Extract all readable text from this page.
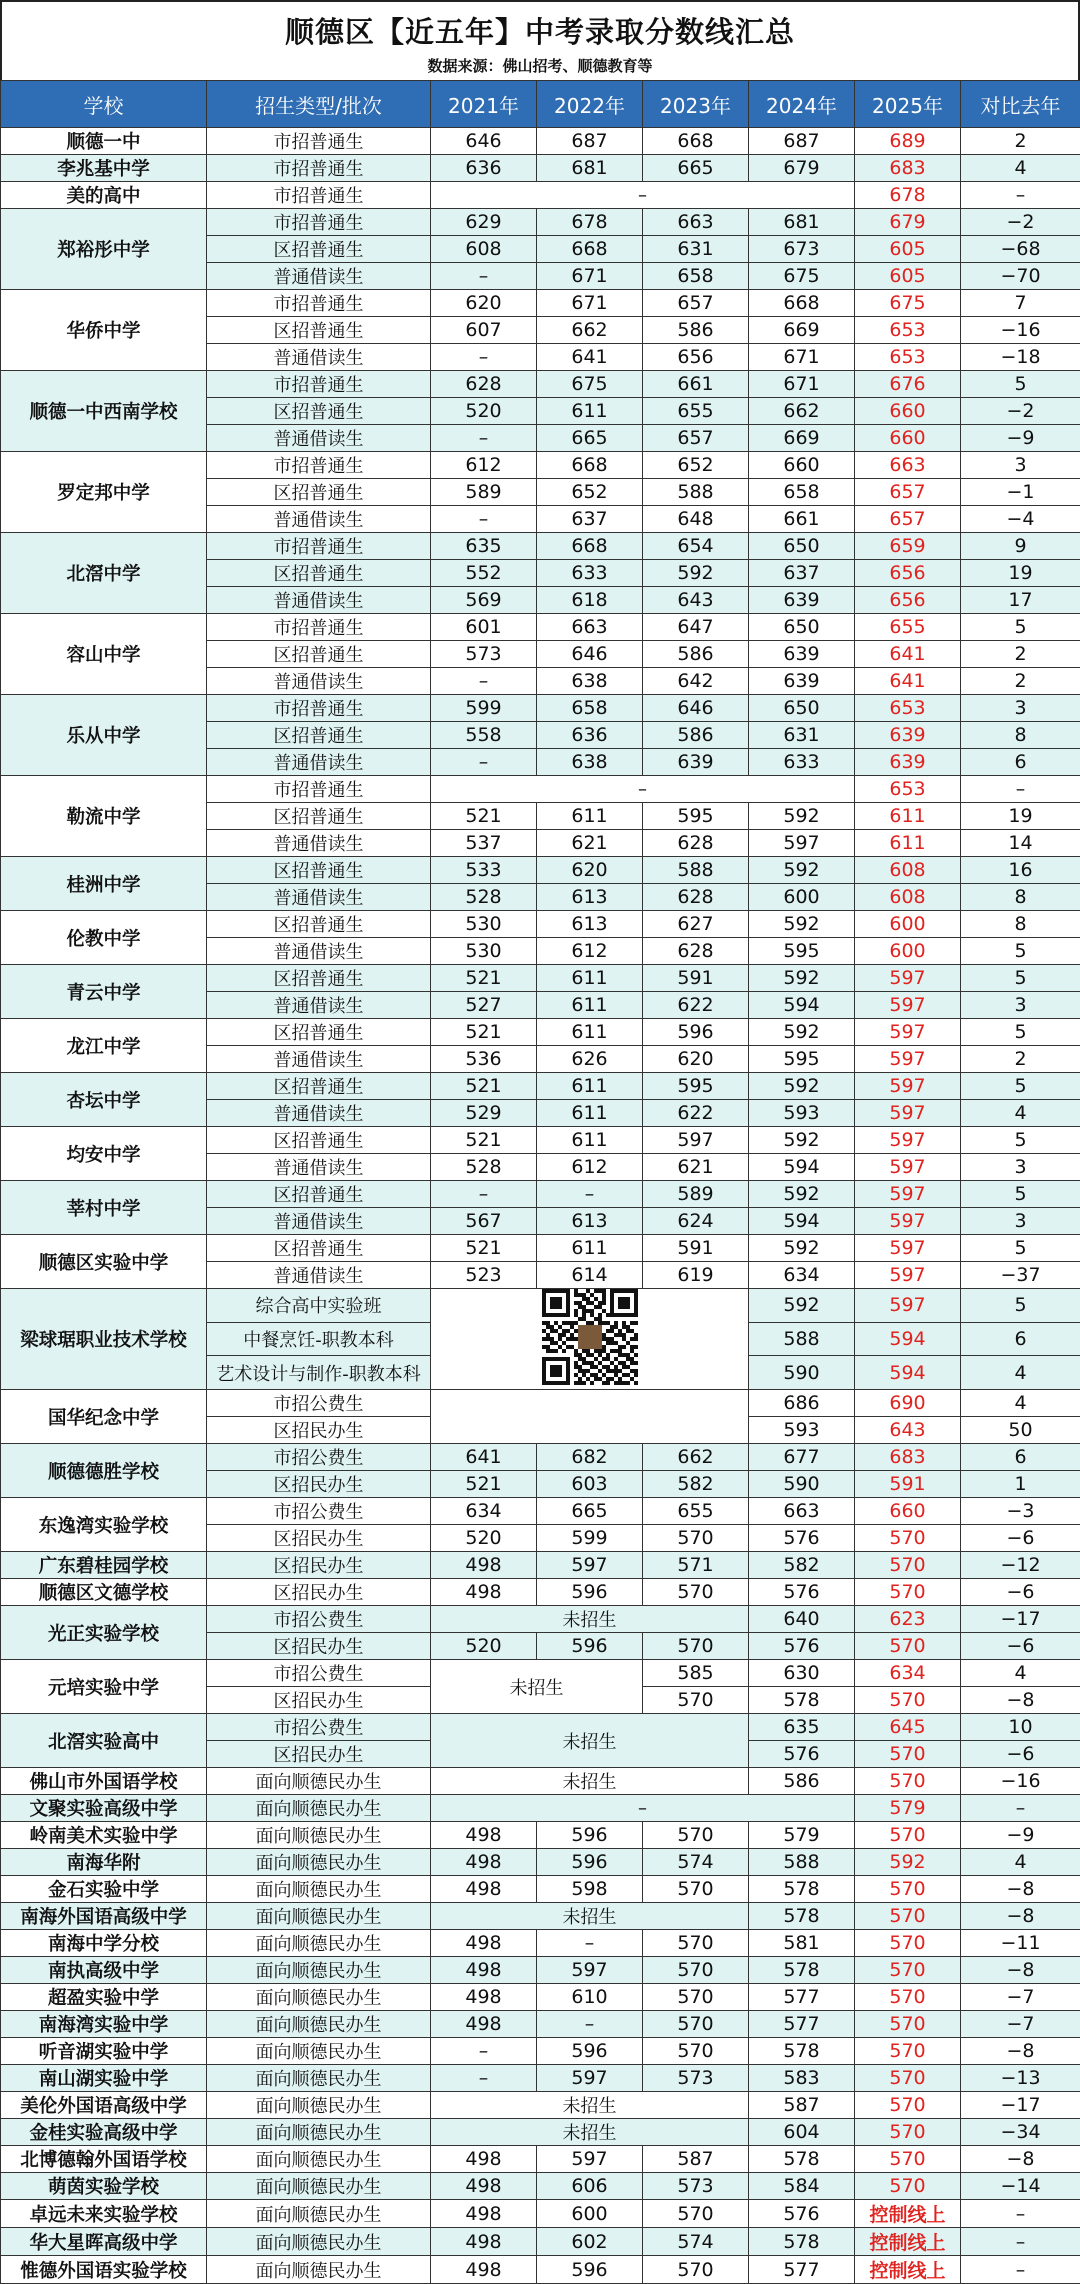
顺德区【近五年】中考录取分数线汇总
数据来源：佛山招考、顺德教育等
学校	招生类型/批次	2021年	2022年	2023年	2024年	2025年	对比去年
顺德一中	市招普通生	646	687	668	687	689	2
李兆基中学	市招普通生	636	681	665	679	683	4
美的高中	市招普通生	–				678	–
郑裕彤中学	市招普通生	629	678	663	681	679	−2
	区招普通生	608	668	631	673	605	−68
	普通借读生	–	671	658	675	605	−70
华侨中学	市招普通生	620	671	657	668	675	7
	区招普通生	607	662	586	669	653	−16
	普通借读生	–	641	656	671	653	−18
顺德一中西南学校	市招普通生	628	675	661	671	676	5
	区招普通生	520	611	655	662	660	−2
	普通借读生	–	665	657	669	660	−9
罗定邦中学	市招普通生	612	668	652	660	663	3
	区招普通生	589	652	588	658	657	−1
	普通借读生	–	637	648	661	657	−4
北滘中学	市招普通生	635	668	654	650	659	9
	区招普通生	552	633	592	637	656	19
	普通借读生	569	618	643	639	656	17
容山中学	市招普通生	601	663	647	650	655	5
	区招普通生	573	646	586	639	641	2
	普通借读生	–	638	642	639	641	2
乐从中学	市招普通生	599	658	646	650	653	3
	区招普通生	558	636	586	631	639	8
	普通借读生	–	638	639	633	639	6
勒流中学	市招普通生	–				653	–
	区招普通生	521	611	595	592	611	19
	普通借读生	537	621	628	597	611	14
桂洲中学	区招普通生	533	620	588	592	608	16
	普通借读生	528	613	628	600	608	8
伦教中学	区招普通生	530	613	627	592	600	8
	普通借读生	530	612	628	595	600	5
青云中学	区招普通生	521	611	591	592	597	5
	普通借读生	527	611	622	594	597	3
龙江中学	区招普通生	521	611	596	592	597	5
	普通借读生	536	626	620	595	597	2
杏坛中学	区招普通生	521	611	595	592	597	5
	普通借读生	529	611	622	593	597	4
均安中学	区招普通生	521	611	597	592	597	5
	普通借读生	528	612	621	594	597	3
莘村中学	区招普通生	–	–	589	592	597	5
	普通借读生	567	613	624	594	597	3
顺德区实验中学	区招普通生	521	611	591	592	597	5
	普通借读生	523	614	619	634	597	−37
梁球琚职业技术学校	综合高中实验班				592	597	5
	中餐烹饪-职教本科				588	594	6
	艺术设计与制作-职教本科				590	594	4
国华纪念中学	市招公费生				686	690	4
	区招民办生				593	643	50
顺德德胜学校	市招公费生	641	682	662	677	683	6
	区招民办生	521	603	582	590	591	1
东逸湾实验学校	市招公费生	634	665	655	663	660	−3
	区招民办生	520	599	570	576	570	−6
广东碧桂园学校	区招民办生	498	597	571	582	570	−12
顺德区文德学校	区招民办生	498	596	570	576	570	−6
光正实验学校	市招公费生	未招生			640	623	−17
	区招民办生	520	596	570	576	570	−6
元培实验中学	市招公费生	未招生		585	630	634	4
	区招民办生			570	578	570	−8
北滘实验高中	市招公费生	未招生			635	645	10
	区招民办生				576	570	−6
佛山市外国语学校	面向顺德民办生	未招生			586	570	−16
文聚实验高级中学	面向顺德民办生	–				579	–
岭南美术实验中学	面向顺德民办生	498	596	570	579	570	−9
南海华附	面向顺德民办生	498	596	574	588	592	4
金石实验中学	面向顺德民办生	498	598	570	578	570	−8
南海外国语高级中学	面向顺德民办生	未招生			578	570	−8
南海中学分校	面向顺德民办生	498	–	570	581	570	−11
南执高级中学	面向顺德民办生	498	597	570	578	570	−8
超盈实验中学	面向顺德民办生	498	610	570	577	570	−7
南海湾实验中学	面向顺德民办生	498	–	570	577	570	−7
听音湖实验中学	面向顺德民办生	–	596	570	578	570	−8
南山湖实验中学	面向顺德民办生	–	597	573	583	570	−13
美伦外国语高级中学	面向顺德民办生	未招生			587	570	−17
金桂实验高级中学	面向顺德民办生	未招生			604	570	−34
北博德翰外国语学校	面向顺德民办生	498	597	587	578	570	−8
萌茵实验学校	面向顺德民办生	498	606	573	584	570	−14
卓远未来实验学校	面向顺德民办生	498	600	570	576	控制线上	–
华大星晖高级中学	面向顺德民办生	498	602	574	578	控制线上	–
惟德外国语实验学校	面向顺德民办生	498	596	570	577	控制线上	–
